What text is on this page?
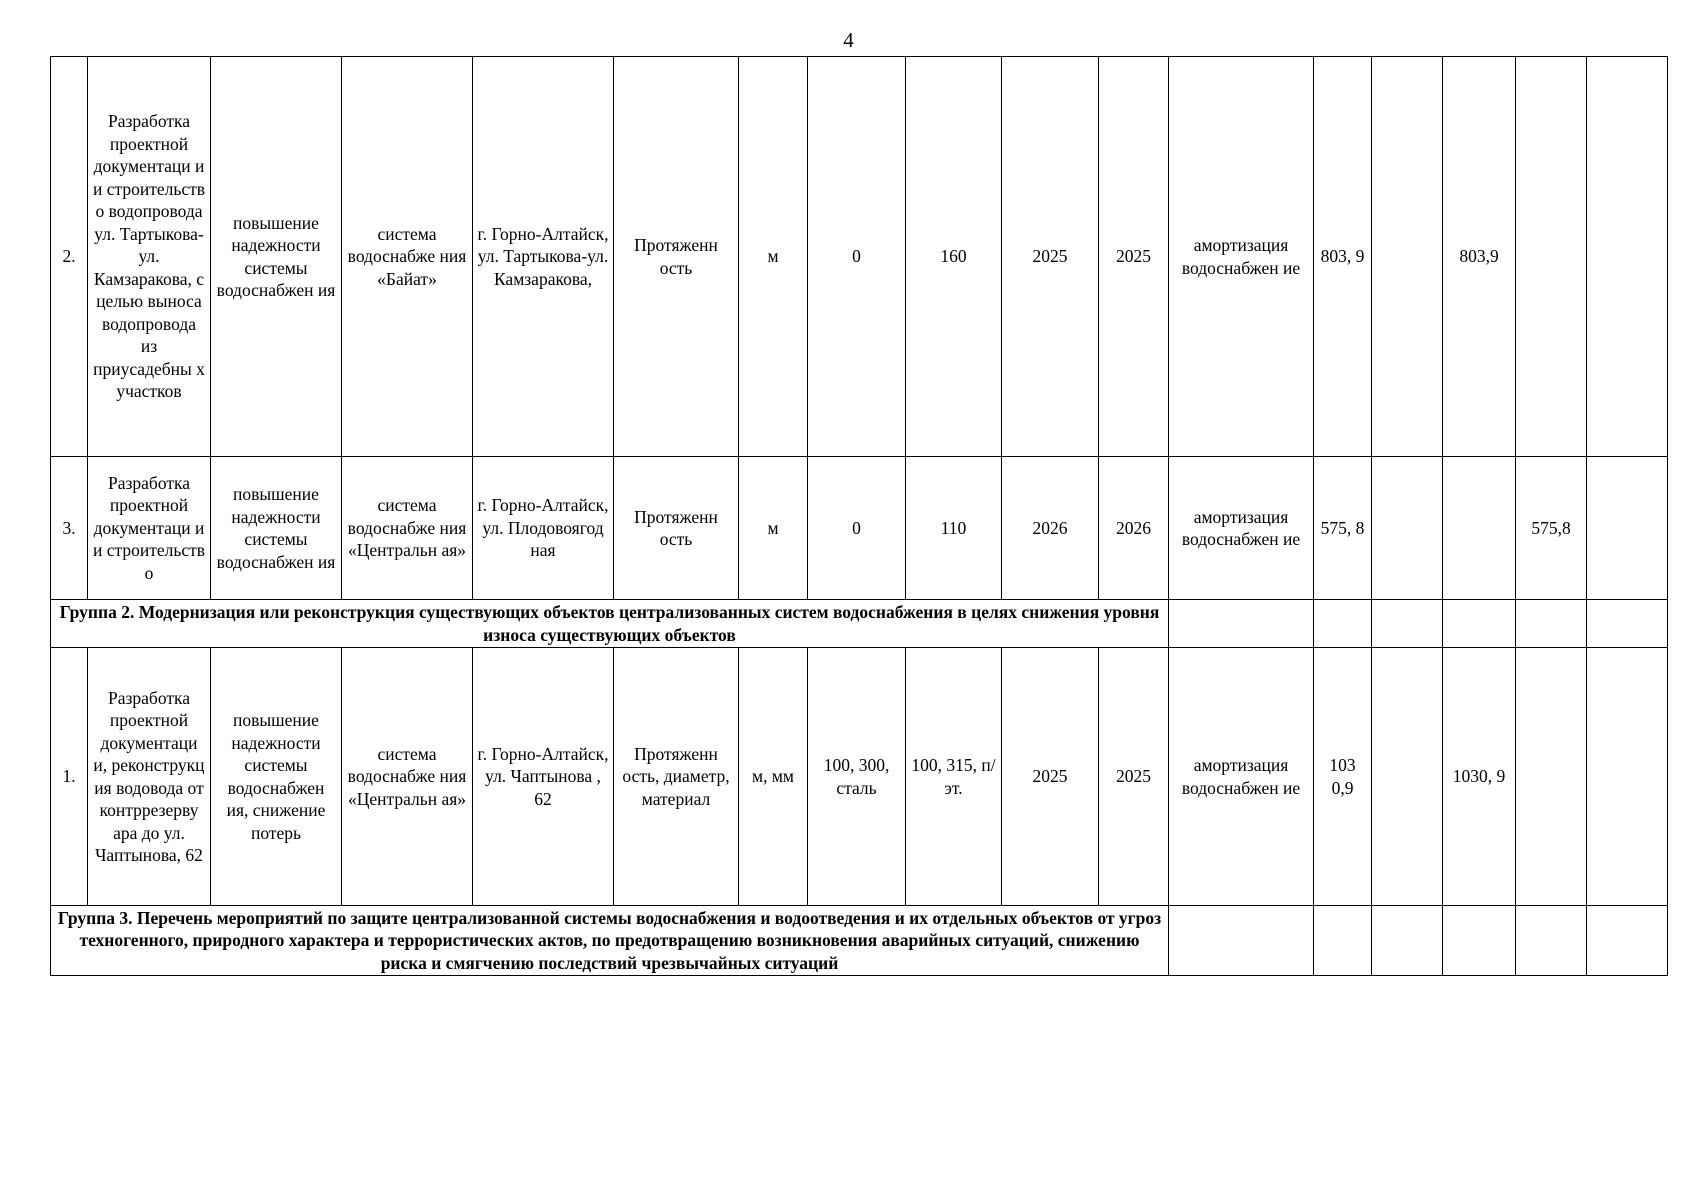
4
2.	Разработка проектной документаци и и строительств о водопровода ул. Тартыкова-ул. Камзаракова, с целью выноса водопровода из приусадебны х участков	повышение надежности системы водоснабжен ия	система водоснабже ния «Байат»	г. Горно-Алтайск, ул. Тартыкова-ул. Камзаракова,	Протяженн ость	м	0	160	2025	2025	амортизация водоснабжен ие	803, 9		803,9		
3.	Разработка проектной документаци и и строительств о	повышение надежности системы водоснабжен ия	система водоснабже ния «Центральн ая»	г. Горно-Алтайск, ул. Плодовоягод ная	Протяженн ость	м	0	110	2026	2026	амортизация водоснабжен ие	575, 8			575,8	
Группа 2. Модернизация или реконструкция существующих объектов централизованных систем водоснабжения в целях снижения уровня износа существующих объектов																
1.	Разработка проектной документаци и, реконструкц ия водовода от контррезерву ара до ул. Чаптынова, 62	повышение надежности системы водоснабжен ия, снижение потерь	система водоснабже ния «Центральн ая»	г. Горно-Алтайск, ул. Чаптынова , 62	Протяженн ость, диаметр, материал	м, мм	100, 300, сталь	100, 315, п/эт.	2025	2025	амортизация водоснабжен ие	103 0,9		1030, 9		
Группа 3. Перечень мероприятий по защите централизованной системы водоснабжения и водоотведения и их отдельных объектов от угроз техногенного, природного характера и террористических актов, по предотвращению возникновения аварийных ситуаций, снижению риска и смягчению последствий чрезвычайных ситуаций																
